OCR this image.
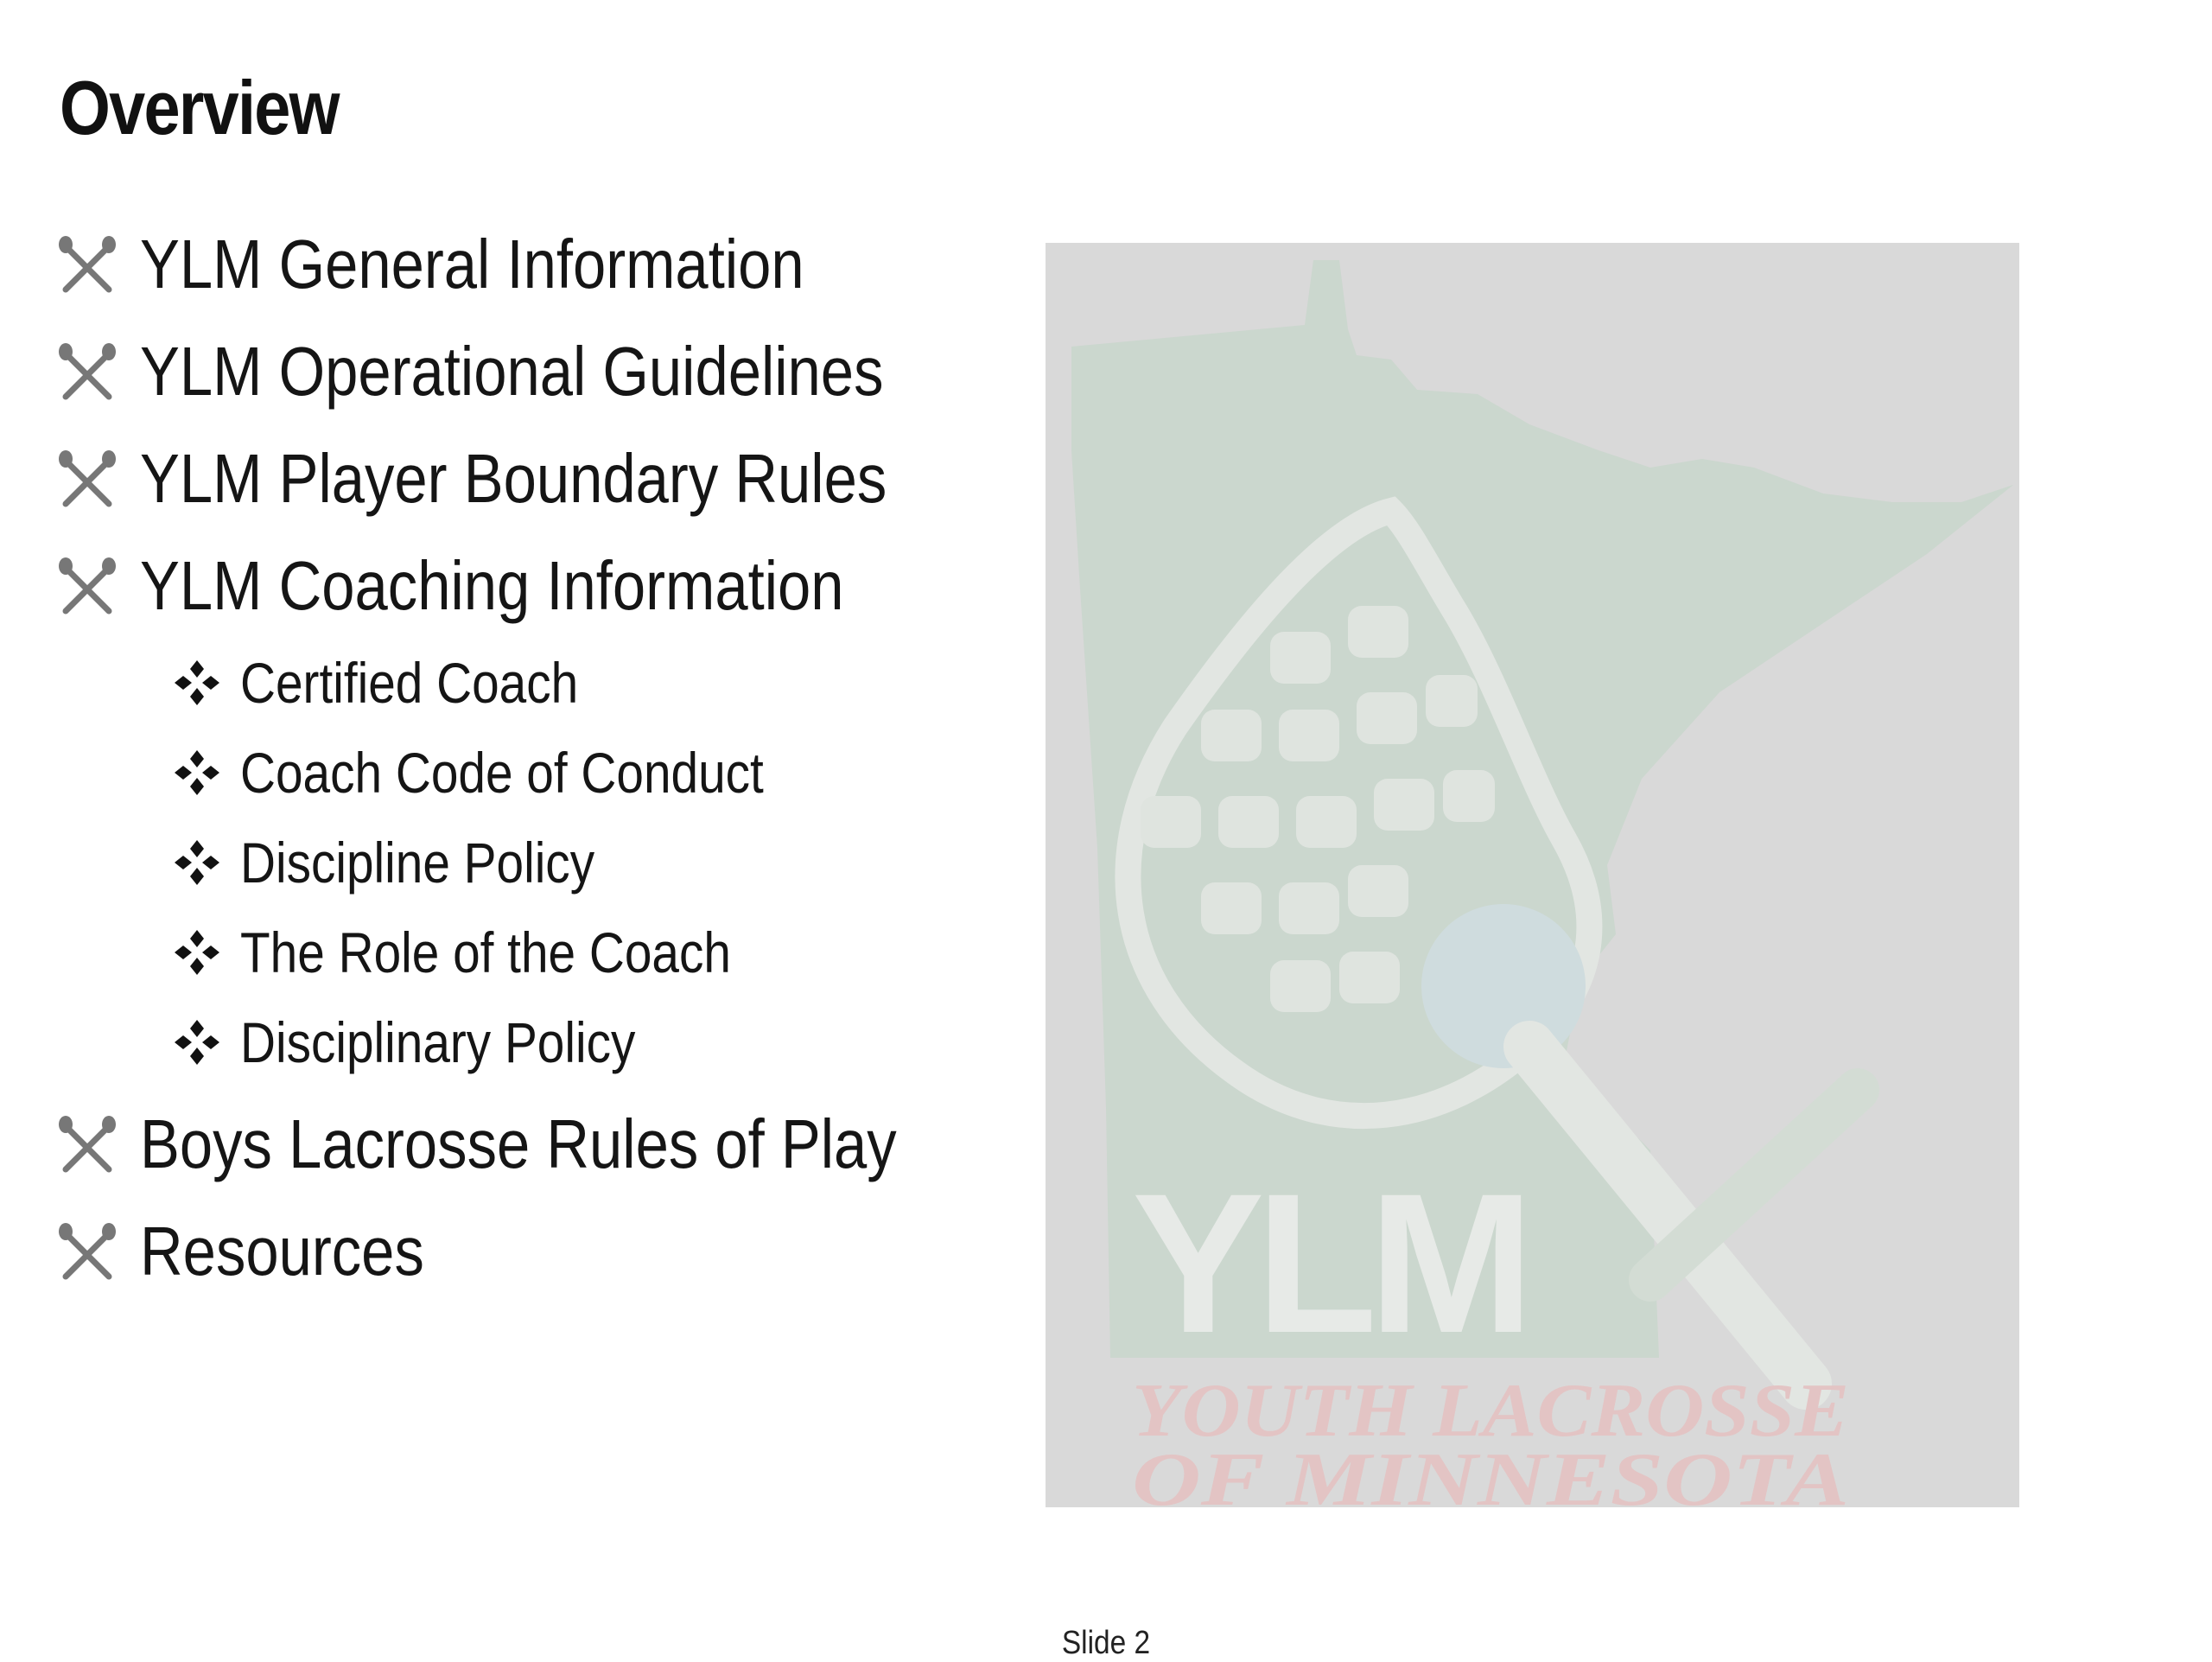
Overview
YLM General Information
YLM Operational Guidelines
YLM Player Boundary Rules
YLM Coaching Information
Certified Coach
Coach Code of Conduct
Discipline Policy
The Role of the Coach
Disciplinary Policy
Boys Lacrosse Rules of Play
Resources	YLM
YOUTH LACROSSE
OF MINNESOTA
Slide 2
